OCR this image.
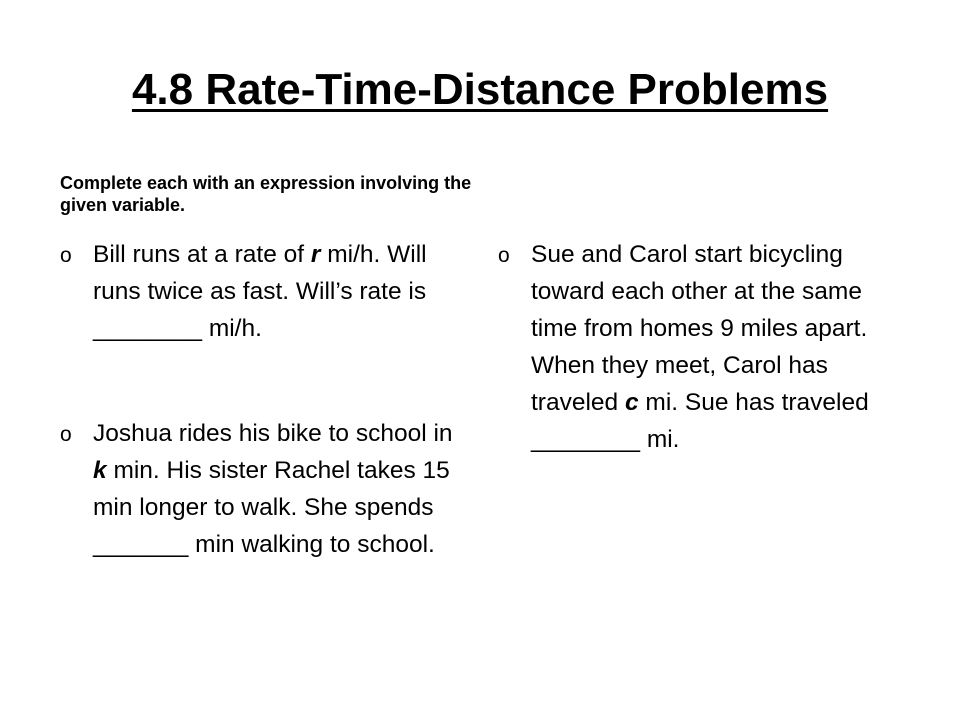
4.8 Rate-Time-Distance Problems
Complete each with an expression involving the given variable.
o Bill runs at a rate of r mi/h. Will runs twice as fast. Will’s rate is ________ mi/h.
o Joshua rides his bike to school in k min. His sister Rachel takes 15 min longer to walk. She spends _______ min walking to school.
o Sue and Carol start bicycling toward each other at the same time from homes 9 miles apart. When they meet, Carol has traveled c mi. Sue has traveled ________ mi.
